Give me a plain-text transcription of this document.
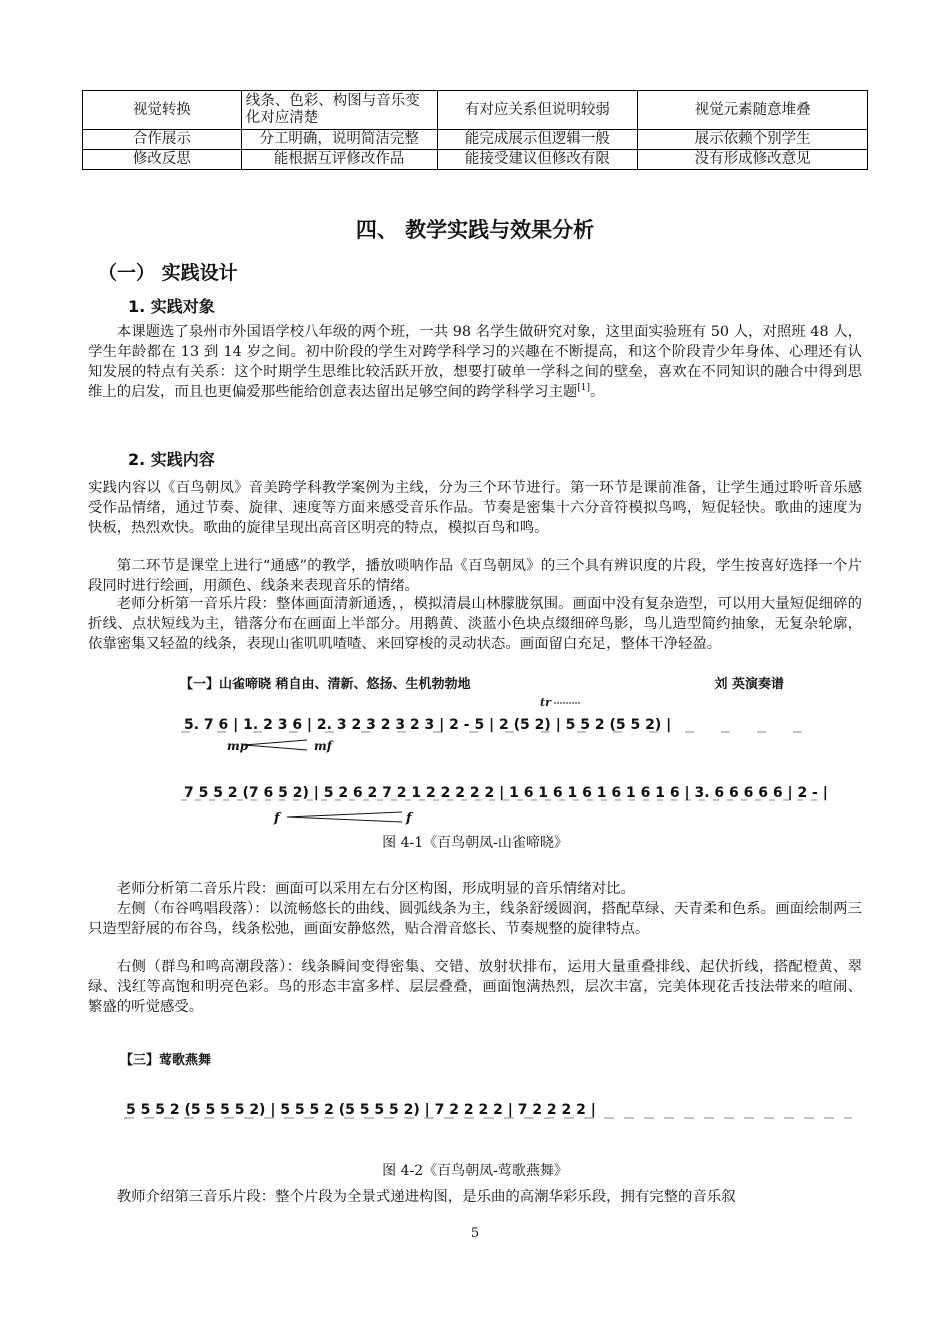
视觉转换	线条、色彩、构图与音乐变化对应清楚	有对应关系但说明较弱	视觉元素随意堆叠
合作展示	分工明确，说明简洁完整	能完成展示但逻辑一般	展示依赖个别学生
修改反思	能根据互评修改作品	能接受建议但修改有限	没有形成修改意见
四、 教学实践与效果分析
（一） 实践设计
1. 实践对象
本课题选了泉州市外国语学校八年级的两个班，一共 98 名学生做研究对象，这里面实验班有 50 人，对照班 48 人，学生年龄都在 13 到 14 岁之间。初中阶段的学生对跨学科学习的兴趣在不断提高，和这个阶段青少年身体、心理还有认知发展的特点有关系：这个时期学生思维比较活跃开放，想要打破单一学科之间的壁垒，喜欢在不同知识的融合中得到思维上的启发，而且也更偏爱那些能给创意表达留出足够空间的跨学科学习主题[1]。
2. 实践内容
实践内容以《百鸟朝凤》音美跨学科教学案例为主线，分为三个环节进行。第一环节是课前准备，让学生通过聆听音乐感受作品情绪，通过节奏、旋律、速度等方面来感受音乐作品。节奏是密集十六分音符模拟鸟鸣，短促轻快。歌曲的速度为快板，热烈欢快。歌曲的旋律呈现出高音区明亮的特点，模拟百鸟和鸣。
第二环节是课堂上进行“通感”的教学，播放唢呐作品《百鸟朝凤》的三个具有辨识度的片段，学生按喜好选择一个片段同时进行绘画，用颜色、线条来表现音乐的情绪。
老师分析第一音乐片段：整体画面清新通透，，模拟清晨山林朦胧氛围。画面中没有复杂造型，可以用大量短促细碎的折线、点状短线为主，错落分布在画面上半部分。用鹅黄、淡蓝小色块点缀细碎鸟影，鸟儿造型简约抽象，无复杂轮廓，依靠密集又轻盈的线条，表现山雀叽叽喳喳、来回穿梭的灵动状态。画面留白充足，整体干净轻盈。
【一】山雀啼晓 稍自由、清新、悠扬、生机勃勃地	刘 英演奏谱
5. 7 6 | 1. 2 3 6 | 2. 3 2 3 2 3 2 3 | 2 - 5 | 2 (5 2) | 5 5 2 (5 5 2) |
mp	mf
tr
7 5 5 2 (7 6 5 2) | 5 2 6 2 7 2 1 2 2 2 2 2 | 1 6 1 6 1 6 1 6 1 6 1 6 | 3. 6 6 6 6 6 | 2 - |
f	f
图 4-1《百鸟朝凤-山雀啼晓》
老师分析第二音乐片段：画面可以采用左右分区构图，形成明显的音乐情绪对比。
左侧（布谷鸣唱段落）：以流畅悠长的曲线、圆弧线条为主，线条舒缓圆润，搭配草绿、天青柔和色系。画面绘制两三只造型舒展的布谷鸟，线条松弛，画面安静悠然，贴合滑音悠长、节奏规整的旋律特点。
右侧（群鸟和鸣高潮段落）：线条瞬间变得密集、交错、放射状排布，运用大量重叠排线、起伏折线，搭配橙黄、翠绿、浅红等高饱和明亮色彩。鸟的形态丰富多样、层层叠叠，画面饱满热烈，层次丰富，完美体现花舌技法带来的喧闹、繁盛的听觉感受。
【三】莺歌燕舞
5 5 5 2 (5 5 5 5 2) | 5 5 5 2 (5 5 5 5 2) | 7 2 2 2 2 | 7 2 2 2 2 |
图 4-2《百鸟朝凤-莺歌燕舞》
教师介绍第三音乐片段：整个片段为全景式递进构图，是乐曲的高潮华彩乐段，拥有完整的音乐叙
5
